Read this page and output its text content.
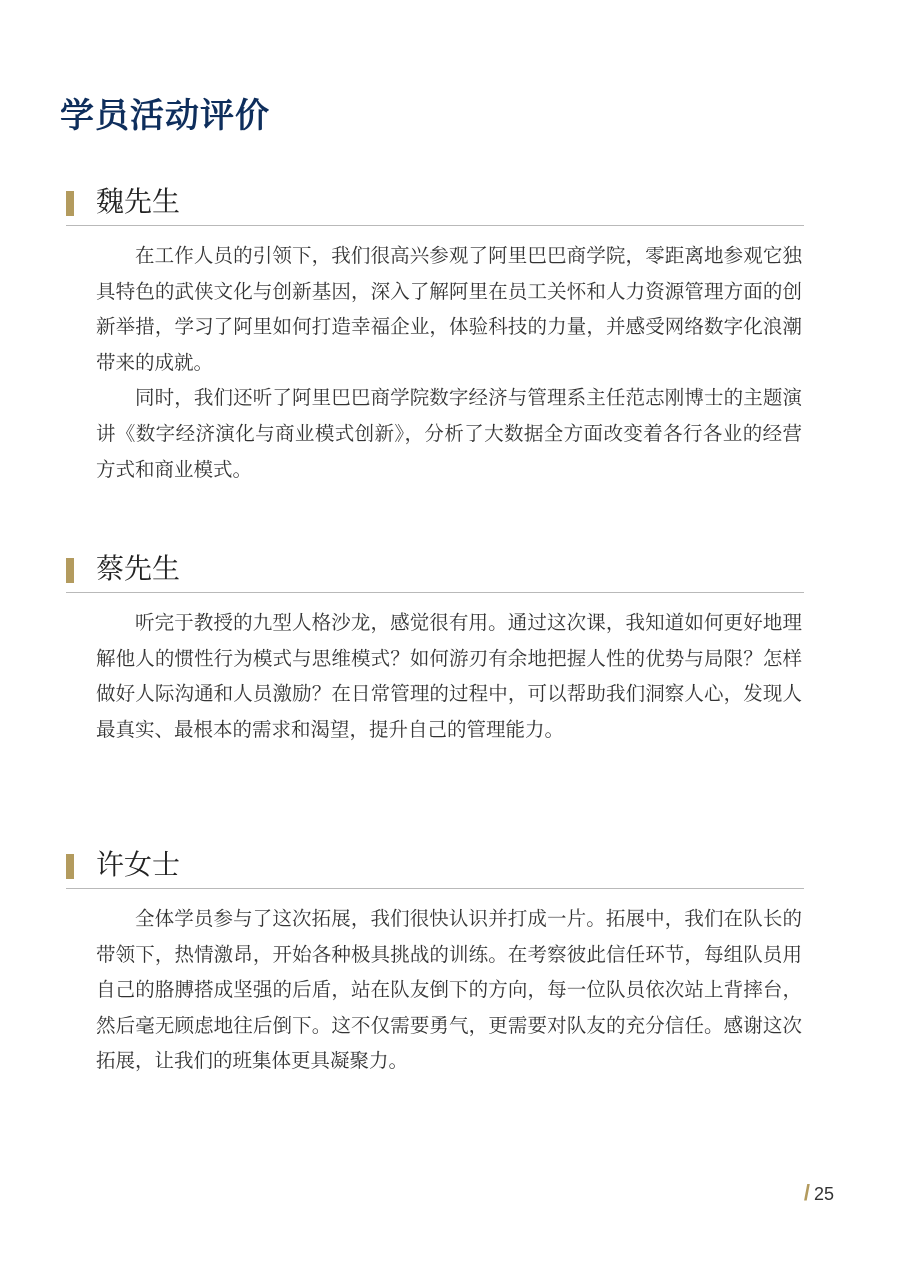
学员活动评价
魏先生

在工作人员的引领下，我们很高兴参观了阿里巴巴商学院，零距离地参观它独具特色的武侠文化与创新基因，深入了解阿里在员工关怀和人力资源管理方面的创新举措，学习了阿里如何打造幸福企业，体验科技的力量，并感受网络数字化浪潮带来的成就。

同时，我们还听了阿里巴巴商学院数字经济与管理系主任范志刚博士的主题演讲《数字经济演化与商业模式创新》，分析了大数据全方面改变着各行各业的经营方式和商业模式。

蔡先生

听完于教授的九型人格沙龙，感觉很有用。通过这次课，我知道如何更好地理解他人的惯性行为模式与思维模式？如何游刃有余地把握人性的优势与局限？怎样做好人际沟通和人员激励？在日常管理的过程中，可以帮助我们洞察人心，发现人最真实、最根本的需求和渴望，提升自己的管理能力。

许女士

全体学员参与了这次拓展，我们很快认识并打成一片。拓展中，我们在队长的带领下，热情激昂，开始各种极具挑战的训练。在考察彼此信任环节，每组队员用自己的胳膊搭成坚强的后盾，站在队友倒下的方向，每一位队员依次站上背摔台，然后毫无顾虑地往后倒下。这不仅需要勇气，更需要对队友的充分信任。感谢这次拓展，让我们的班集体更具凝聚力。

/ 25
